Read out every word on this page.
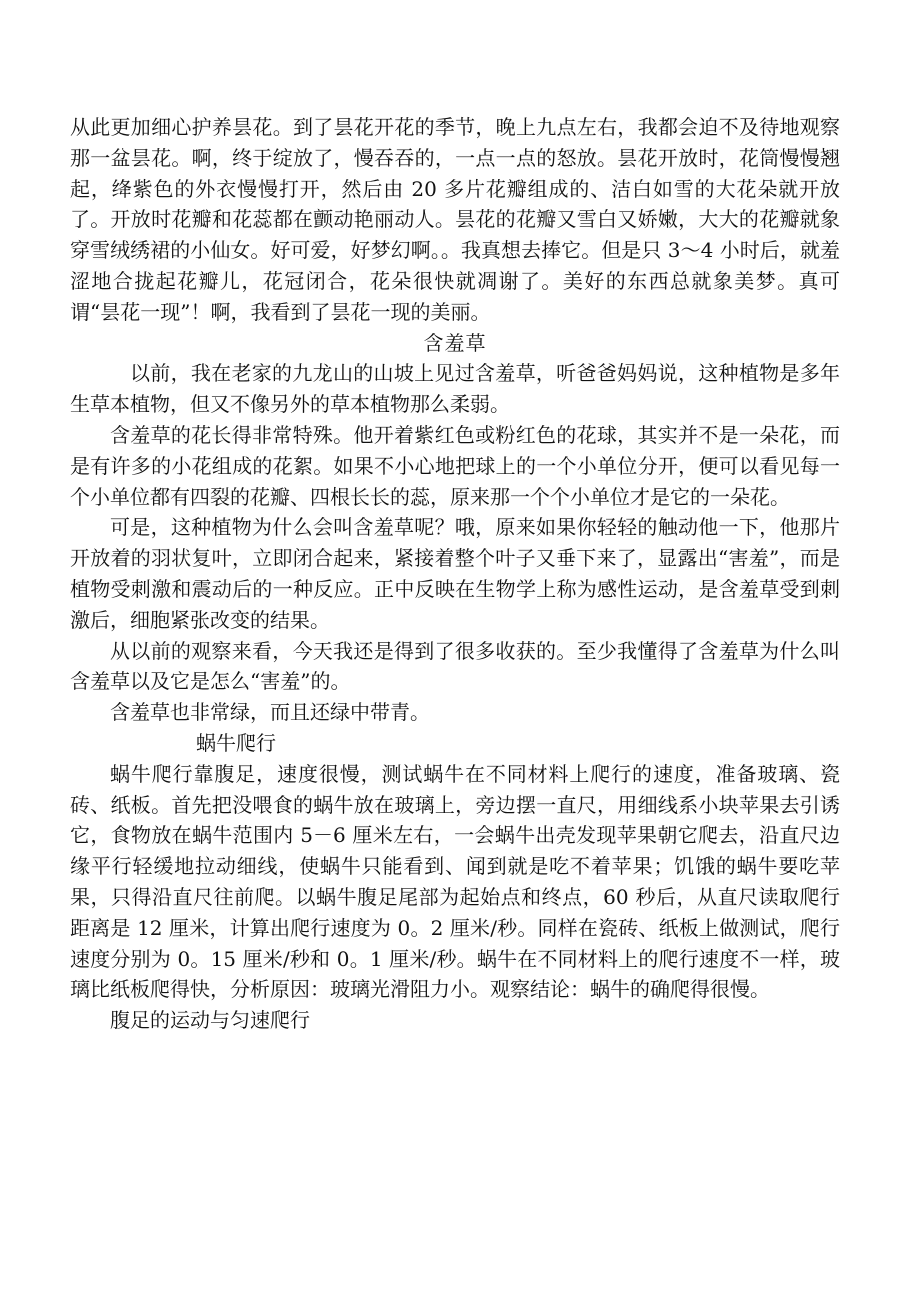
从此更加细心护养昙花。到了昙花开花的季节，晚上九点左右，我都会迫不及待地观察那一盆昙花。啊，终于绽放了，慢吞吞的，一点一点的怒放。昙花开放时，花筒慢慢翘起，绛紫色的外衣慢慢打开，然后由 20 多片花瓣组成的、洁白如雪的大花朵就开放了。开放时花瓣和花蕊都在颤动艳丽动人。昙花的花瓣又雪白又娇嫩，大大的花瓣就象穿雪绒绣裙的小仙女。好可爱，好梦幻啊。。我真想去捧它。但是只 3～4 小时后，就羞涩地合拢起花瓣儿，花冠闭合，花朵很快就凋谢了。美好的东西总就象美梦。真可谓“昙花一现”！啊，我看到了昙花一现的美丽。

含羞草

以前，我在老家的九龙山的山坡上见过含羞草，听爸爸妈妈说，这种植物是多年生草本植物，但又不像另外的草本植物那么柔弱。

含羞草的花长得非常特殊。他开着紫红色或粉红色的花球，其实并不是一朵花，而是有许多的小花组成的花絮。如果不小心地把球上的一个小单位分开，便可以看见每一个小单位都有四裂的花瓣、四根长长的蕊，原来那一个个小单位才是它的一朵花。

可是，这种植物为什么会叫含羞草呢？哦，原来如果你轻轻的触动他一下，他那片开放着的羽状复叶，立即闭合起来，紧接着整个叶子又垂下来了，显露出“害羞”，而是植物受刺激和震动后的一种反应。正中反映在生物学上称为感性运动，是含羞草受到刺激后，细胞紧张改变的结果。

从以前的观察来看，今天我还是得到了很多收获的。至少我懂得了含羞草为什么叫含羞草以及它是怎么“害羞”的。

含羞草也非常绿，而且还绿中带青。

蜗牛爬行

蜗牛爬行靠腹足，速度很慢，测试蜗牛在不同材料上爬行的速度，准备玻璃、瓷砖、纸板。首先把没喂食的蜗牛放在玻璃上，旁边摆一直尺，用细线系小块苹果去引诱它，食物放在蜗牛范围内 5－6 厘米左右，一会蜗牛出壳发现苹果朝它爬去，沿直尺边缘平行轻缓地拉动细线，使蜗牛只能看到、闻到就是吃不着苹果；饥饿的蜗牛要吃苹果，只得沿直尺往前爬。以蜗牛腹足尾部为起始点和终点，60 秒后，从直尺读取爬行距离是 12 厘米，计算出爬行速度为 0。2 厘米/秒。同样在瓷砖、纸板上做测试，爬行速度分别为 0。15 厘米/秒和 0。1 厘米/秒。蜗牛在不同材料上的爬行速度不一样，玻璃比纸板爬得快，分析原因：玻璃光滑阻力小。观察结论：蜗牛的确爬得很慢。

腹足的运动与匀速爬行
